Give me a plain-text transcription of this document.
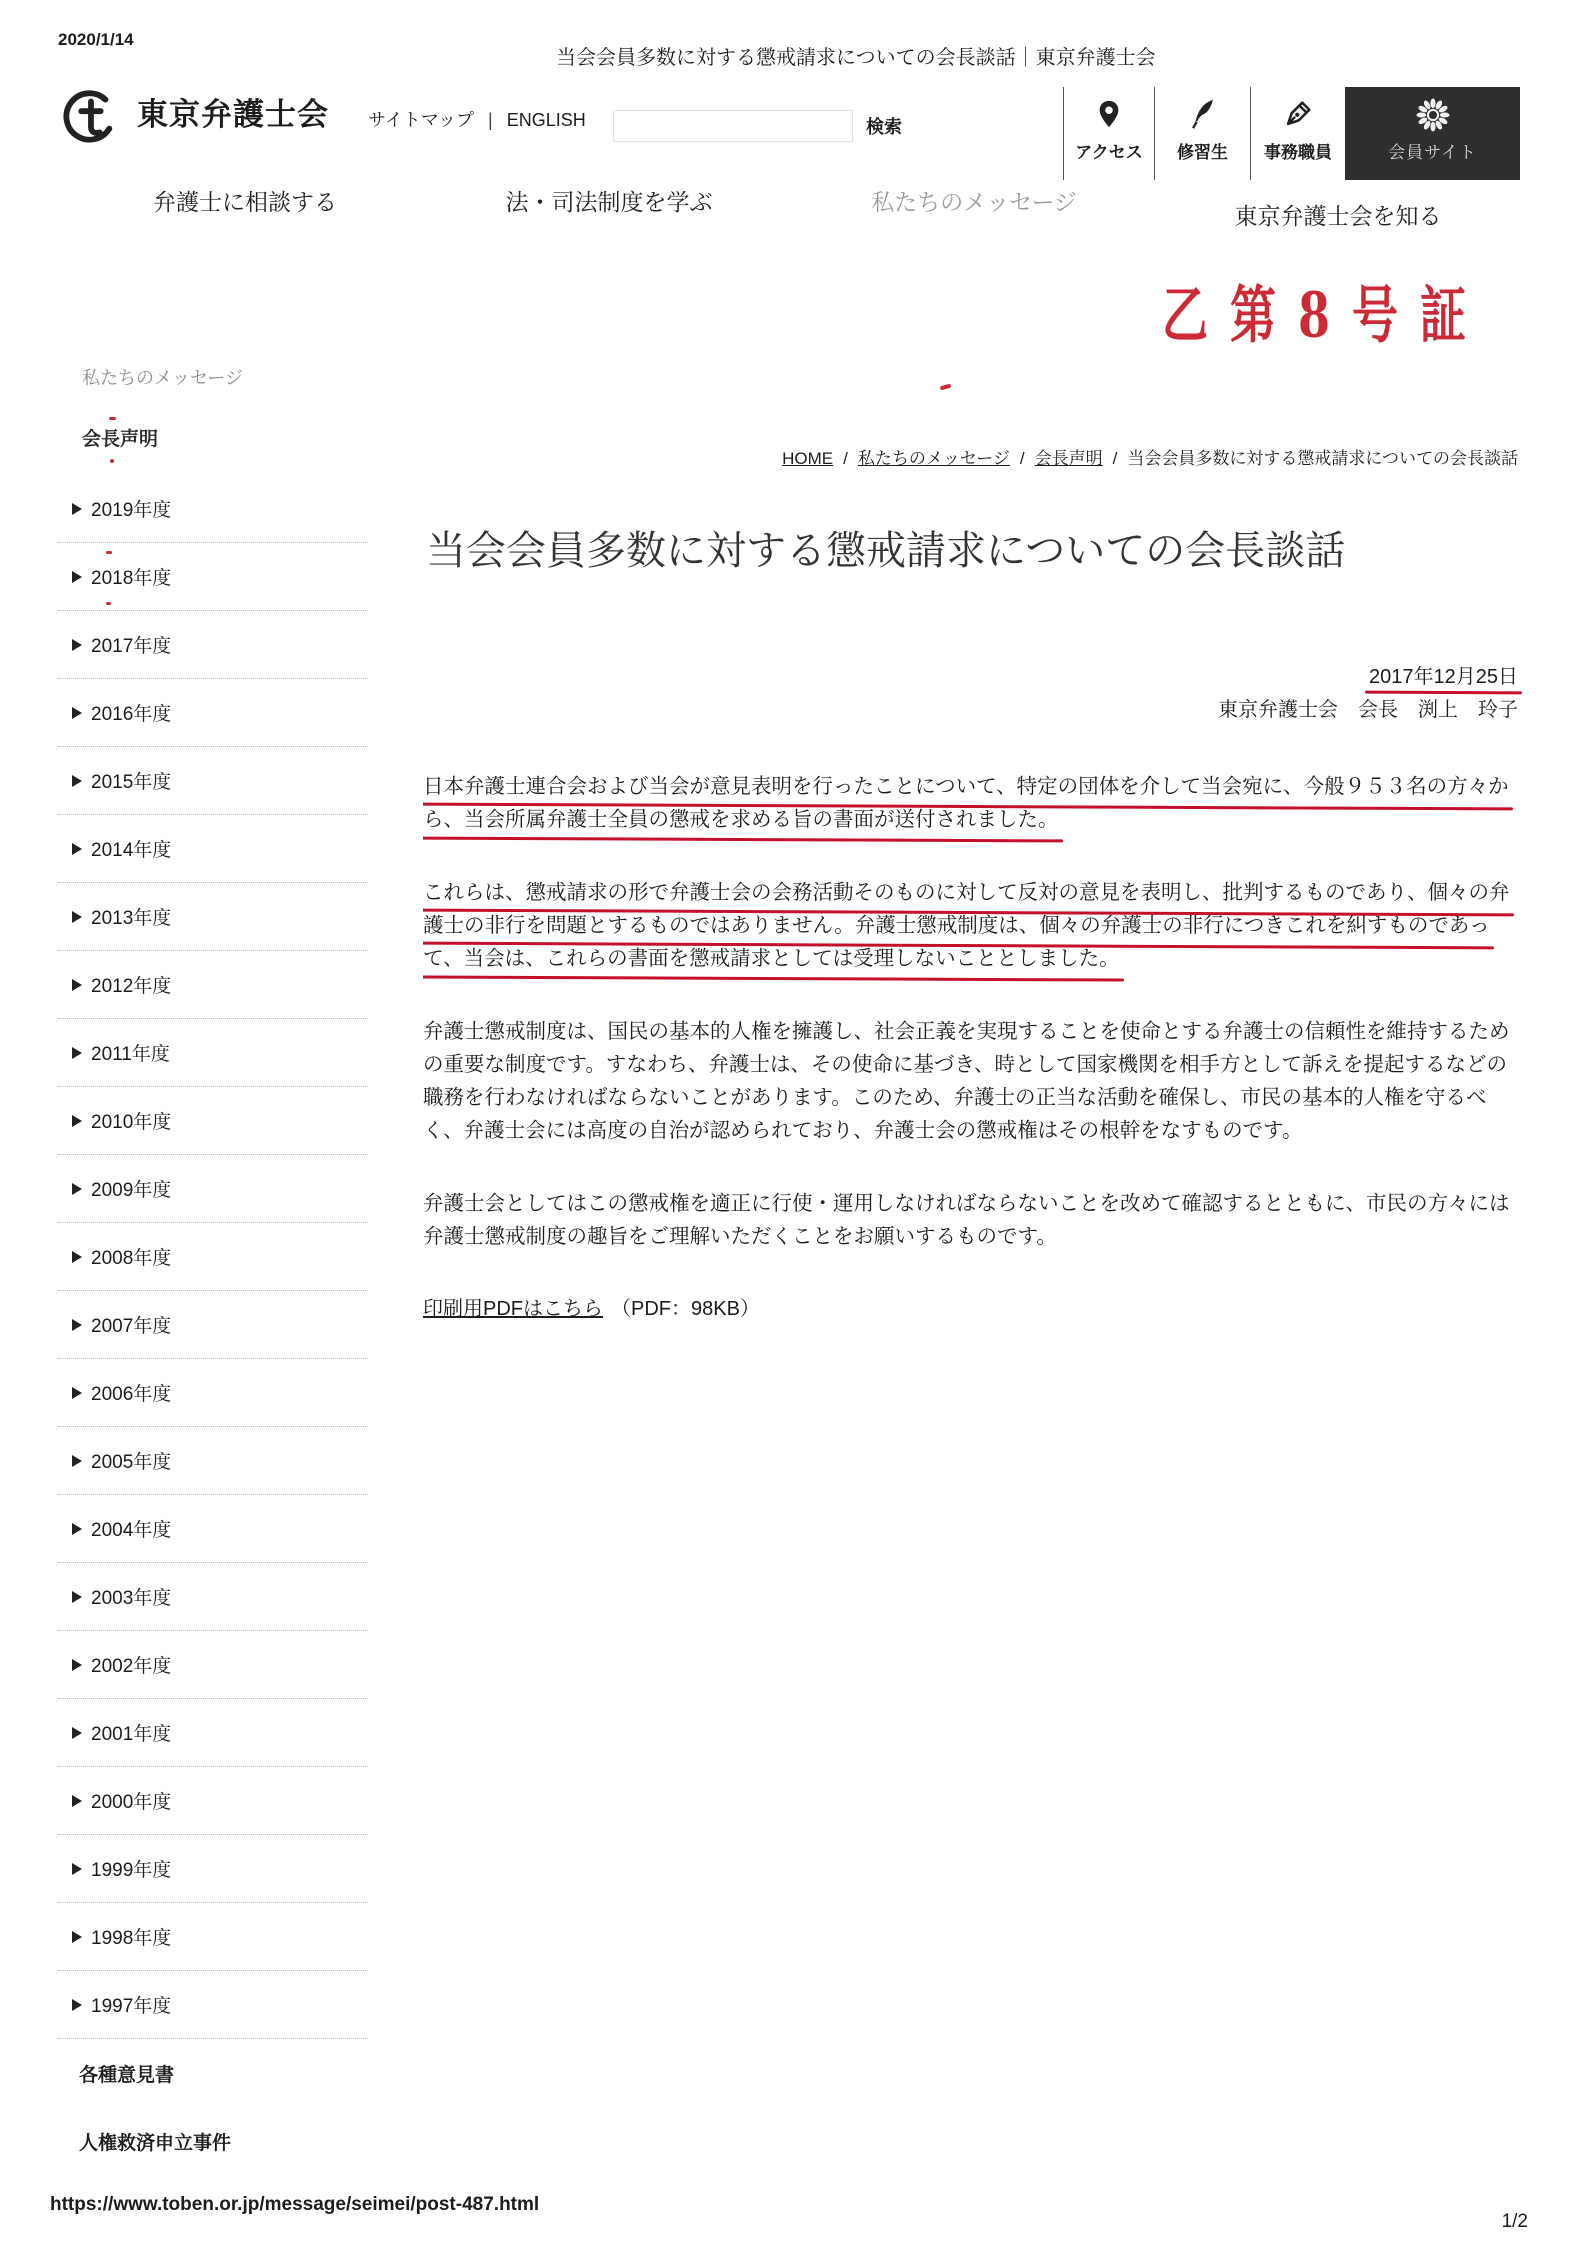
2020/1/14
当会会員多数に対する懲戒請求についての会長談話｜東京弁護士会
東京弁護士会 サイトマップ | ENGLISH	検索
アクセス	修習生	事務職員	会員サイト
弁護士に相談する	法・司法制度を学ぶ	私たちのメッセージ
東京弁護士会を知る
乙第8号証
私たちのメッセージ
会長声明
2019年度
2018年度
2017年度
2016年度
2015年度
2014年度
2013年度
2012年度
2011年度
2010年度
2009年度
2008年度
2007年度
2006年度
2005年度
2004年度
2003年度
2002年度
2001年度
2000年度
1999年度
1998年度
1997年度
各種意見書
人権救済申立事件
HOME / 私たちのメッセージ / 会長声明 / 当会会員多数に対する懲戒請求についての会長談話
当会会員多数に対する懲戒請求についての会長談話
2017年12月25日
東京弁護士会　会長　渕上　玲子
日本弁護士連合会および当会が意見表明を行ったことについて、特定の団体を介して当会宛に、今般９５３名の方々か
ら、当会所属弁護士全員の懲戒を求める旨の書面が送付されました。
これらは、懲戒請求の形で弁護士会の会務活動そのものに対して反対の意見を表明し、批判するものであり、個々の弁
護士の非行を問題とするものではありません。弁護士懲戒制度は、個々の弁護士の非行につきこれを糾すものであっ
て、当会は、これらの書面を懲戒請求としては受理しないこととしました。
弁護士懲戒制度は、国民の基本的人権を擁護し、社会正義を実現することを使命とする弁護士の信頼性を維持するため
の重要な制度です。すなわち、弁護士は、その使命に基づき、時として国家機関を相手方として訴えを提起するなどの
職務を行わなければならないことがあります。このため、弁護士の正当な活動を確保し、市民の基本的人権を守るべ
く、弁護士会には高度の自治が認められており、弁護士会の懲戒権はその根幹をなすものです。
弁護士会としてはこの懲戒権を適正に行使・運用しなければならないことを改めて確認するとともに、市民の方々には
弁護士懲戒制度の趣旨をご理解いただくことをお願いするものです。
印刷用PDFはこちら （PDF：98KB）
https://www.toben.or.jp/message/seimei/post-487.html
1/2
